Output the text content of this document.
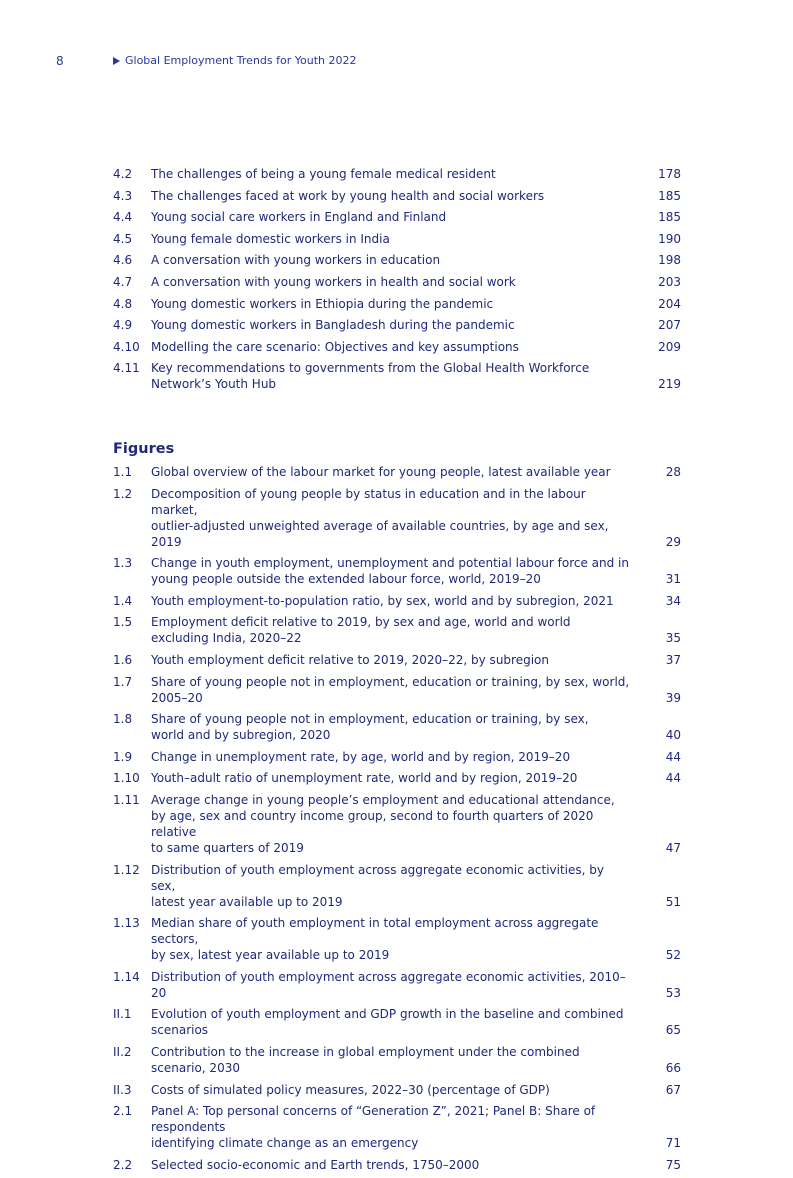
8	Global Employment Trends for Youth 2022
4.2	The challenges of being a young female medical resident	178
4.3	The challenges faced at work by young health and social workers	185
4.4	Young social care workers in England and Finland	185
4.5	Young female domestic workers in India	190
4.6	A conversation with young workers in education	198
4.7	A conversation with young workers in health and social work	203
4.8	Young domestic workers in Ethiopia during the pandemic	204
4.9	Young domestic workers in Bangladesh during the pandemic	207
4.10 Modelling the care scenario: Objectives and key assumptions	209
4.11 Key recommendations to governments from the Global Health Workforce
Network’s Youth Hub	219
Figures
1.1	Global overview of the labour market for young people, latest available year	28
1.2	Decomposition of young people by status in education and in the labour market,
outlier-adjusted unweighted average of available countries, by age and sex, 2019	29
1.3	Change in youth employment, unemployment and potential labour force and in
young people outside the extended labour force, world, 2019–20	31
1.4	Youth employment-to-population ratio, by sex, world and by subregion, 2021	34
1.5	Employment deficit relative to 2019, by sex and age, world and world
excluding India, 2020–22	35
1.6	Youth employment deficit relative to 2019, 2020–22, by subregion	37
1.7	Share of young people not in employment, education or training, by sex, world, 2005–20	39
1.8	Share of young people not in employment, education or training, by sex,
world and by subregion, 2020	40
1.9	Change in unemployment rate, by age, world and by region, 2019–20	44
1.10 Youth–adult ratio of unemployment rate, world and by region, 2019–20	44
1.11 Average change in young people’s employment and educational attendance,
by age, sex and country income group, second to fourth quarters of 2020 relative
to same quarters of 2019	47
1.12 Distribution of youth employment across aggregate economic activities, by sex,
latest year available up to 2019	51
1.13 Median share of youth employment in total employment across aggregate sectors,
by sex, latest year available up to 2019	52
1.14 Distribution of youth employment across aggregate economic activities, 2010–20	53
II.1	Evolution of youth employment and GDP growth in the baseline and combined scenarios	65
II.2	Contribution to the increase in global employment under the combined scenario, 2030	66
II.3	Costs of simulated policy measures, 2022–30 (percentage of GDP)	67
2.1	Panel A: Top personal concerns of “Generation Z”, 2021; Panel B: Share of respondents
identifying climate change as an emergency	71
2.2	Selected socio-economic and Earth trends, 1750–2000	75
